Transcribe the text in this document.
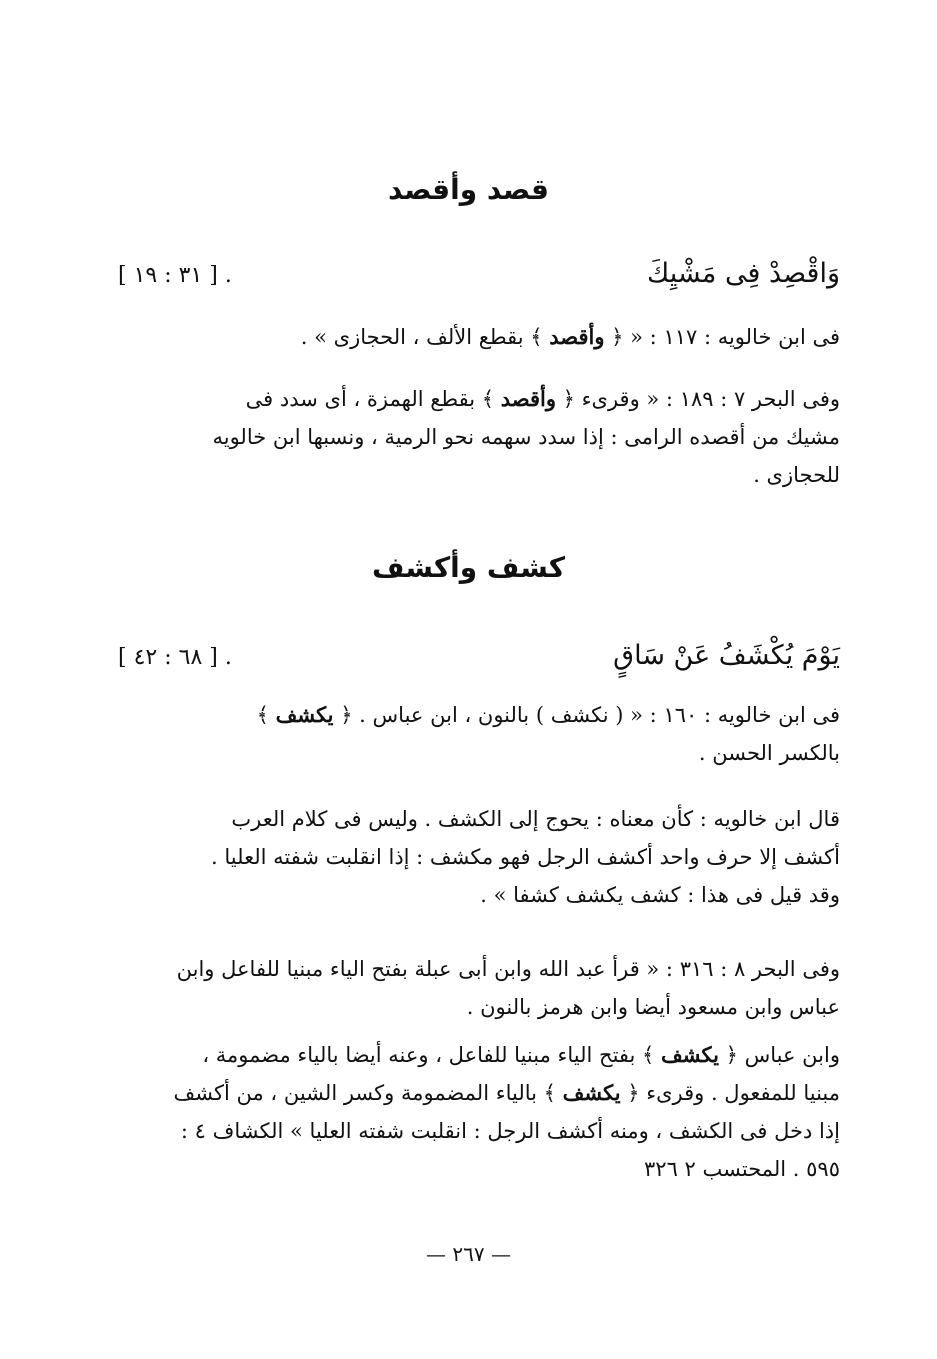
قصد وأقصد
وَاقْصِدْ فِى مَشْيِكَ
[ ٣١ : ١٩ ] .

فى ابن خالويه : ١١٧ : « ﴿ وأقصد ﴾ بقطع الألف ، الحجازى » .

وفى البحر ٧ : ١٨٩ : « وقرىء ﴿ وأقصد ﴾ بقطع الهمزة ، أى سدد فى
مشيك من أقصده الرامى : إذا سدد سهمه نحو الرمية ، ونسبها ابن خالويه
للحجازى .

كشف وأكشف
يَوْمَ يُكْشَفُ عَنْ سَاقٍ
[ ٦٨ : ٤٢ ] .

فى ابن خالويه : ١٦٠ : « ( نكشف ) بالنون ، ابن عباس . ﴿ يكشف ﴾
بالكسر الحسن .

قال ابن خالويه : كأن معناه : يحوج إلى الكشف . وليس فى كلام العرب
أكشف إلا حرف واحد أكشف الرجل فهو مكشف : إذا انقلبت شفته العليا .
وقد قيل فى هذا : كشف يكشف كشفا » .

وفى البحر ٨ : ٣١٦ : « قرأ عبد الله وابن أبى عبلة بفتح الياء مبنيا للفاعل وابن
عباس وابن مسعود أيضا وابن هرمز بالنون .

وابن عباس ﴿ يكشف ﴾ بفتح الياء مبنيا للفاعل ، وعنه أيضا بالياء مضمومة ،
مبنيا للمفعول . وقرىء ﴿ يكشف ﴾ بالياء المضمومة وكسر الشين ، من أكشف
إذا دخل فى الكشف ، ومنه أكشف الرجل : انقلبت شفته العليا » الكشاف ٤ :
٥٩٥ . المحتسب ٢ ٣٢٦

— ٢٦٧ —
